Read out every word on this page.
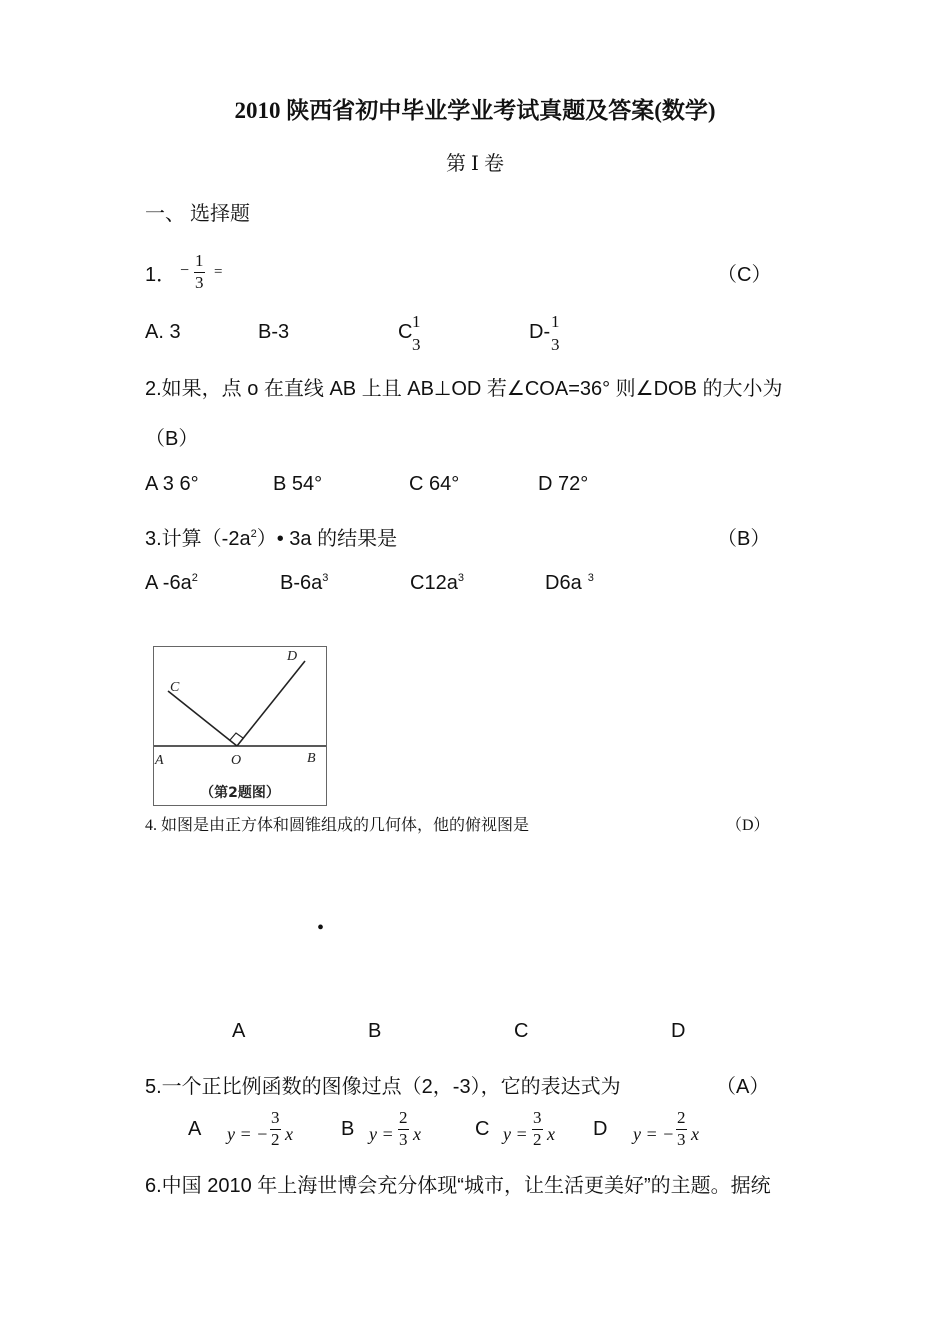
2010 陕西省初中毕业学业考试真题及答案(数学)
第 Ⅰ 卷
一、 选择题
1． −
1
3
=	（C）
A. 3	B-3	C 1
3
D- 1
3
2.如果，点 o 在直线 AB 上且 AB⊥OD 若∠COA=36° 则∠DOB 的大小为
（B）
A 3 6°	B 54°	C 64°	D 72°
3.计算$(-2a^2)•$ 3a 的结果是	（B）
A $-6a^2$	$B-6a^3$	$C12a^3$	D6a $^3$
C
D
A	O	B
（第2题图）
4. 如图是由正方体和圆锥组成的几何体，他的俯视图是	（D）
•
A	B	C	D
5.一个正比例函数的图像过点（2，-3），它的表达式为	（A）
A y = −
3
2 x B y =
2
3 x	C y =
3
2 x D y = −
2
3 x
6.中国 2010 年上海世博会充分体现“城市，让生活更美好”的主题。据统
